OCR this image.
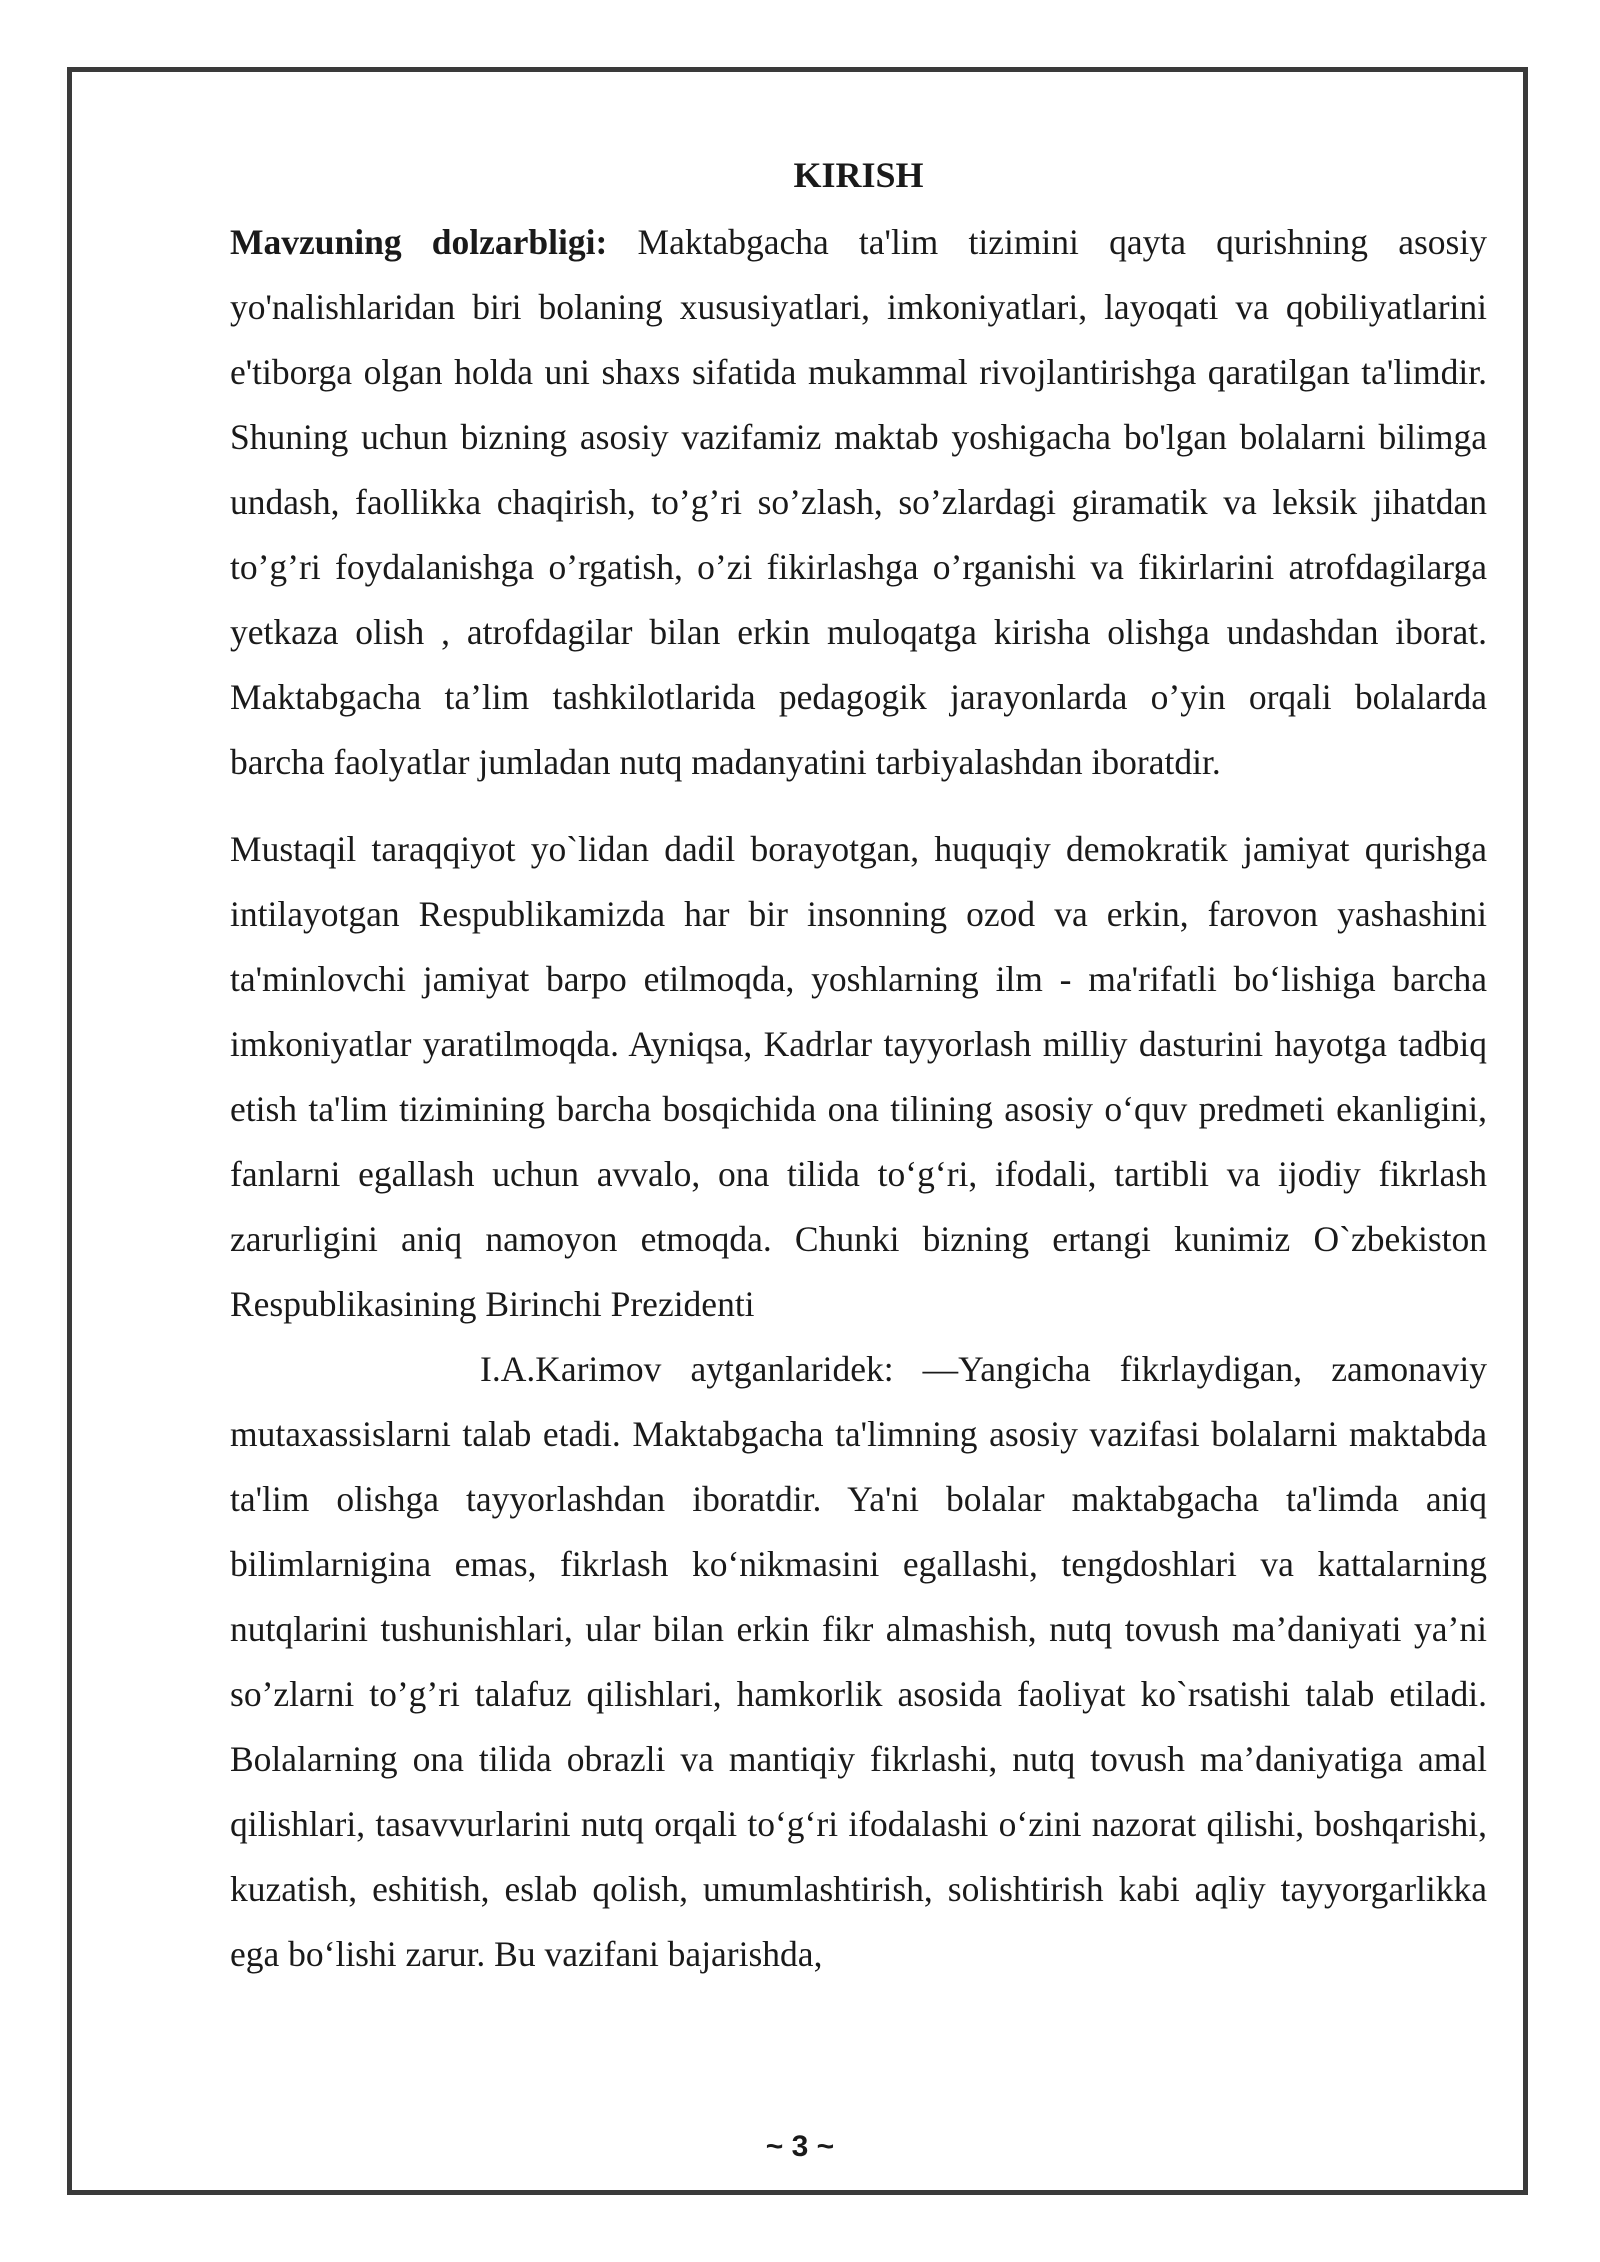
KIRISH

Mavzuning dolzarbligi: Maktabgacha ta'lim tizimini qayta qurishning asosiy yo'nalishlaridan biri bolaning xususiyatlari, imkoniyatlari, layoqati va qobiliyatlarini e'tiborga olgan holda uni shaxs sifatida mukammal rivojlantirishga qaratilgan ta'limdir. Shuning uchun bizning asosiy vazifamiz maktab yoshigacha bo'lgan bolalarni bilimga undash, faollikka chaqirish, to’g’ri so’zlash, so’zlardagi giramatik va leksik jihatdan to’g’ri foydalanishga o’rgatish, o’zi fikirlashga o’rganishi va fikirlarini atrofdagilarga yetkaza olish , atrofdagilar bilan erkin muloqatga kirisha olishga undashdan iborat. Maktabgacha ta’lim tashkilotlarida pedagogik jarayonlarda o’yin orqali bolalarda barcha faolyatlar jumladan nutq madanyatini tarbiyalashdan iboratdir.

Mustaqil taraqqiyot yo`lidan dadil borayotgan, huquqiy demokratik jamiyat qurishga intilayotgan Respublikamizda har bir insonning ozod va erkin, farovon yashashini ta'minlovchi jamiyat barpo etilmoqda, yoshlarning ilm - ma'rifatli bo‘lishiga barcha imkoniyatlar yaratilmoqda. Ayniqsa, Kadrlar tayyorlash milliy dasturini hayotga tadbiq etish ta'lim tizimining barcha bosqichida ona tilining asosiy o‘quv predmeti ekanligini, fanlarni egallash uchun avvalo, ona tilida to‘g‘ri, ifodali, tartibli va ijodiy fikrlash zarurligini aniq namoyon etmoqda. Chunki bizning ertangi kunimiz O`zbekiston Respublikasining Birinchi Prezidenti

I.A.Karimov aytganlaridek: ―Yangicha fikrlaydigan, zamonaviy mutaxassislarni talab etadi. Maktabgacha ta'limning asosiy vazifasi bolalarni maktabda ta'lim olishga tayyorlashdan iboratdir. Ya'ni bolalar maktabgacha ta'limda aniq bilimlarnigina emas, fikrlash ko‘nikmasini egallashi, tengdoshlari va kattalarning nutqlarini tushunishlari, ular bilan erkin fikr almashish, nutq tovush ma’daniyati ya’ni so’zlarni to’g’ri talafuz qilishlari, hamkorlik asosida faoliyat ko`rsatishi talab etiladi. Bolalarning ona tilida obrazli va mantiqiy fikrlashi, nutq tovush ma’daniyatiga amal qilishlari, tasavvurlarini nutq orqali to‘g‘ri ifodalashi o‘zini nazorat qilishi, boshqarishi, kuzatish, eshitish, eslab qolish, umumlashtirish, solishtirish kabi aqliy tayyorgarlikka ega bo‘lishi zarur. Bu vazifani bajarishda,

~ 3 ~
